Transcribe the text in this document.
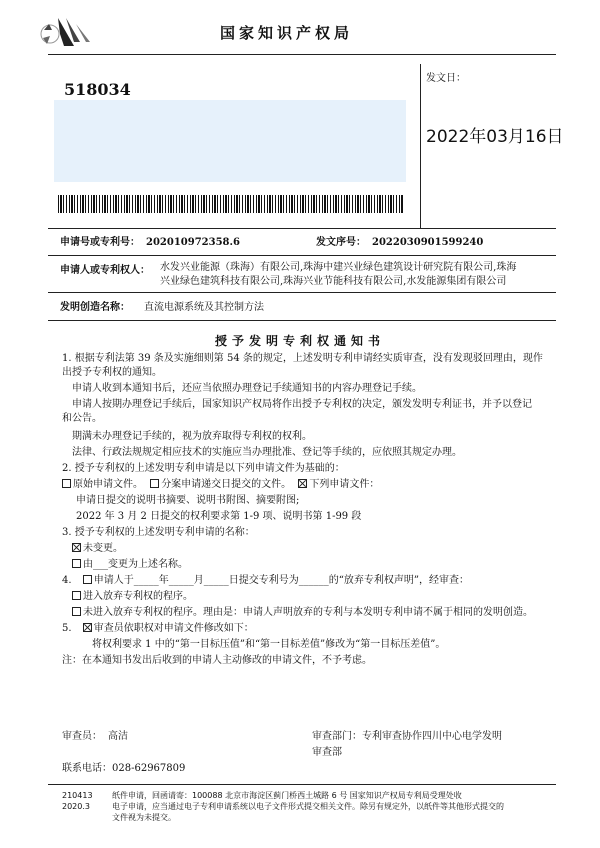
国家知识产权局
518034
发文日：
2022年03月16日
申请号或专利号： 202010972358.6	发文序号： 2022030901599240
申请人或专利权人： 水发兴业能源（珠海）有限公司,珠海中建兴业绿色建筑设计研究院有限公司,珠海
兴业绿色建筑科技有限公司,珠海兴业节能科技有限公司,水发能源集团有限公司
发明创造名称： 直流电源系统及其控制方法
授予发明专利权通知书
1. 根据专利法第 39 条及实施细则第 54 条的规定，上述发明专利申请经实质审查，没有发现驳回理由，现作
出授予专利权的通知。
申请人收到本通知书后，还应当依照办理登记手续通知书的内容办理登记手续。
申请人按期办理登记手续后，国家知识产权局将作出授予专利权的决定，颁发发明专利证书，并予以登记
和公告。
期满未办理登记手续的，视为放弃取得专利权的权利。
法律、行政法规规定相应技术的实施应当办理批准、登记等手续的，应依照其规定办理。
2. 授予专利权的上述发明专利申请是以下列申请文件为基础的：
原始申请文件。 分案申请递交日提交的文件。 下列申请文件：
申请日提交的说明书摘要、说明书附图、摘要附图;
2022 年 3 月 2 日提交的权利要求第 1-9 项、说明书第 1-99 段
3. 授予专利权的上述发明专利申请的名称：
未变更。
由___变更为上述名称。
4. 申请人于_____年_____月_____日提交专利号为______的“放弃专利权声明”，经审查：
进入放弃专利权的程序。
未进入放弃专利权的程序。理由是：申请人声明放弃的专利与本发明专利申请不属于相同的发明创造。
5. 审查员依职权对申请文件修改如下：
将权利要求 1 中的“第一目标压值”和“第一目标差值”修改为“第一目标压差值”。
注：在本通知书发出后收到的申请人主动修改的申请文件，不予考虑。
审查员： 高洁	审查部门：专利审查协作四川中心电学发明
审查部
联系电话：028-62967809
210413
2020.3
纸件申请，回函请寄：100088 北京市海淀区蓟门桥西土城路 6 号 国家知识产权局专利局受理处收
电子申请，应当通过电子专利申请系统以电子文件形式提交相关文件。除另有规定外，以纸件等其他形式提交的
文件视为未提交。
